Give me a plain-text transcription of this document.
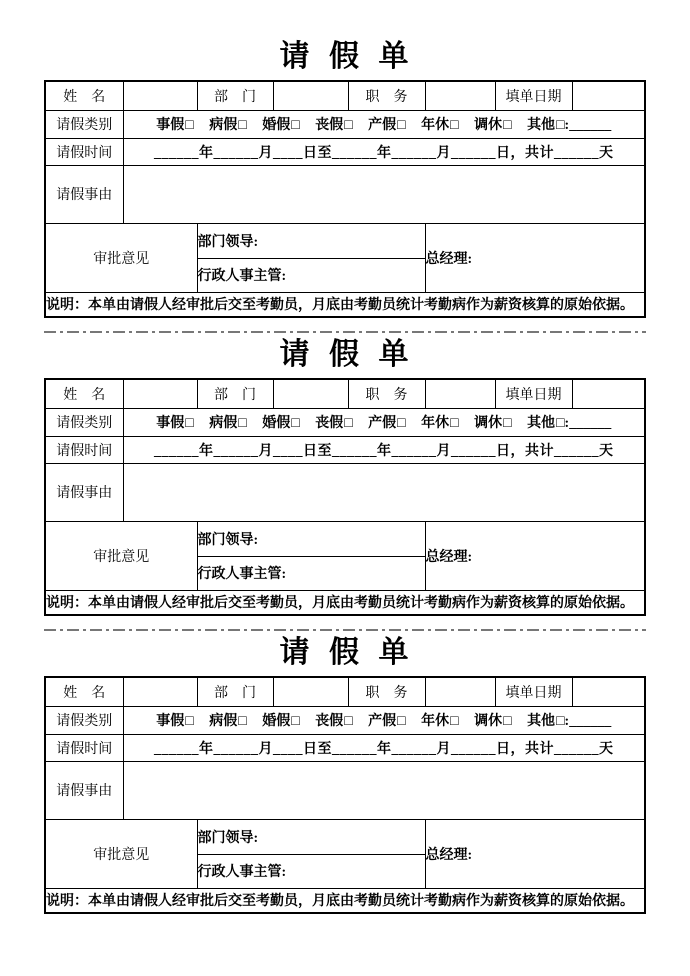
请 假 单
姓　名		部　门		职　务		填单日期	
请假类别	事假□ 病假□ 婚假□ 丧假□ 产假□ 年休□ 调休□ 其他□:______						
请假时间	______年______月____日至______年______月______日，共计______天						
请假事由							
审批意见		部门领导:			总经理:		
		行政人事主管:					
说明：本单由请假人经审批后交至考勤员，月底由考勤员统计考勤病作为薪资核算的原始依据。							
请 假 单
姓　名		部　门		职　务		填单日期	
请假类别	事假□ 病假□ 婚假□ 丧假□ 产假□ 年休□ 调休□ 其他□:______						
请假时间	______年______月____日至______年______月______日，共计______天						
请假事由							
审批意见		部门领导:			总经理:		
		行政人事主管:					
说明：本单由请假人经审批后交至考勤员，月底由考勤员统计考勤病作为薪资核算的原始依据。							
请 假 单
姓　名		部　门		职　务		填单日期	
请假类别	事假□ 病假□ 婚假□ 丧假□ 产假□ 年休□ 调休□ 其他□:______						
请假时间	______年______月____日至______年______月______日，共计______天						
请假事由							
审批意见		部门领导:			总经理:		
		行政人事主管:					
说明：本单由请假人经审批后交至考勤员，月底由考勤员统计考勤病作为薪资核算的原始依据。							
